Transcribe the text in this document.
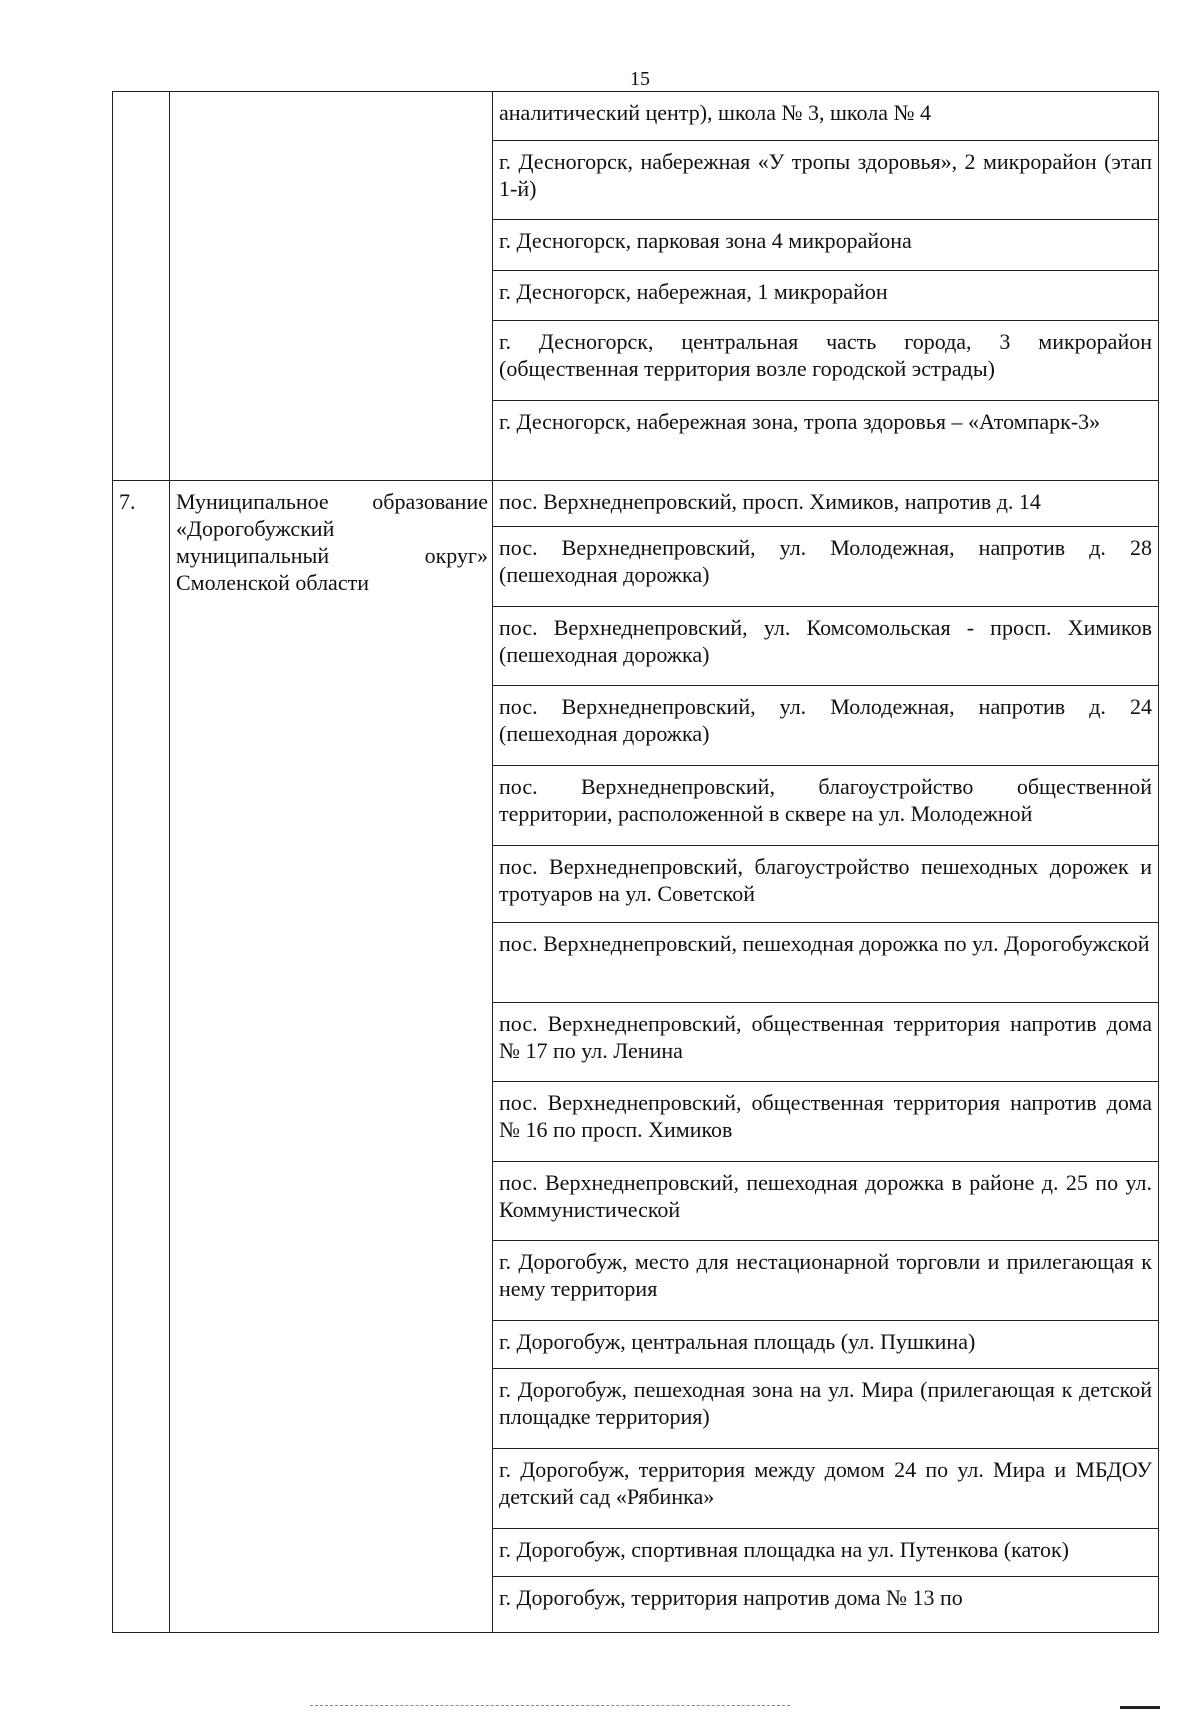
15

		аналитический центр), школа № 3, школа № 4

		г. Десногорск, набережная «У тропы здоровья», 2 микрорайон (этап 1-й)

		г. Десногорск, парковая зона 4 микрорайона

		г. Десногорск, набережная, 1 микрорайон

		г. Десногорск, центральная часть города, 3 микрорайон (общественная территория возле городской эстрады)

		г. Десногорск, набережная зона, тропа здоровья – «Атомпарк-3»

7.	Муниципальное образование «Дорогобужский муниципальный округ» Смоленской области	пос. Верхнеднепровский, просп. Химиков, напротив д. 14

		пос. Верхнеднепровский, ул. Молодежная, напротив д. 28 (пешеходная дорожка)

		пос. Верхнеднепровский, ул. Комсомольская - просп. Химиков (пешеходная дорожка)

		пос. Верхнеднепровский, ул. Молодежная, напротив д. 24 (пешеходная дорожка)

		пос. Верхнеднепровский, благоустройство общественной территории, расположенной в сквере на ул. Молодежной

		пос. Верхнеднепровский, благоустройство пешеходных дорожек и тротуаров на ул. Советской

		пос. Верхнеднепровский, пешеходная дорожка по ул. Дорогобужской

		пос. Верхнеднепровский, общественная территория напротив дома № 17 по ул. Ленина

		пос. Верхнеднепровский, общественная территория напротив дома № 16 по просп. Химиков

		пос. Верхнеднепровский, пешеходная дорожка в районе д. 25 по ул. Коммунистической

		г. Дорогобуж, место для нестационарной торговли и прилегающая к нему территория

		г. Дорогобуж, центральная площадь (ул. Пушкина)

		г. Дорогобуж, пешеходная зона на ул. Мира (прилегающая к детской площадке территория)

		г. Дорогобуж, территория между домом 24 по ул. Мира и МБДОУ детский сад «Рябинка»

		г. Дорогобуж, спортивная площадка на ул. Путенкова (каток)

		г. Дорогобуж, территория напротив дома № 13 по
